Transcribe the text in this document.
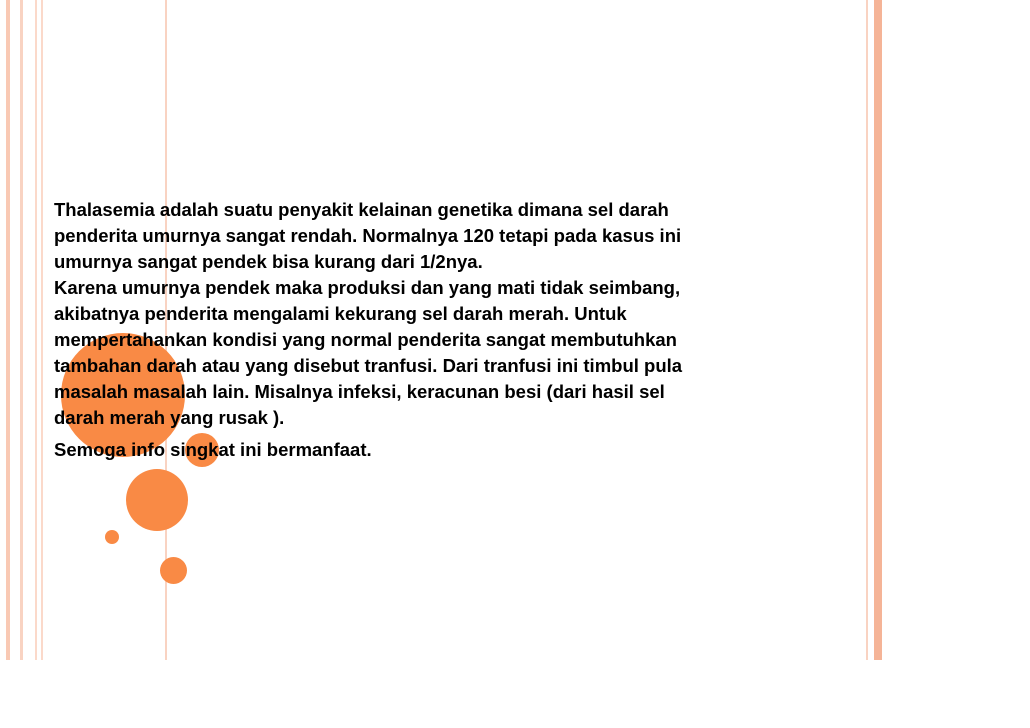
Thalasemia adalah suatu penyakit kelainan genetika dimana sel darah

penderita umurnya sangat rendah. Normalnya 120 tetapi pada kasus ini

umurnya sangat pendek bisa kurang dari 1/2nya.

Karena umurnya pendek maka produksi dan yang mati tidak seimbang,

akibatnya penderita mengalami kekurang sel darah merah. Untuk

mempertahankan kondisi yang normal penderita sangat membutuhkan

tambahan darah atau yang disebut tranfusi. Dari tranfusi ini timbul pula

masalah masalah lain. Misalnya infeksi, keracunan besi (dari hasil sel

darah merah yang rusak ).

Semoga info singkat ini bermanfaat.
